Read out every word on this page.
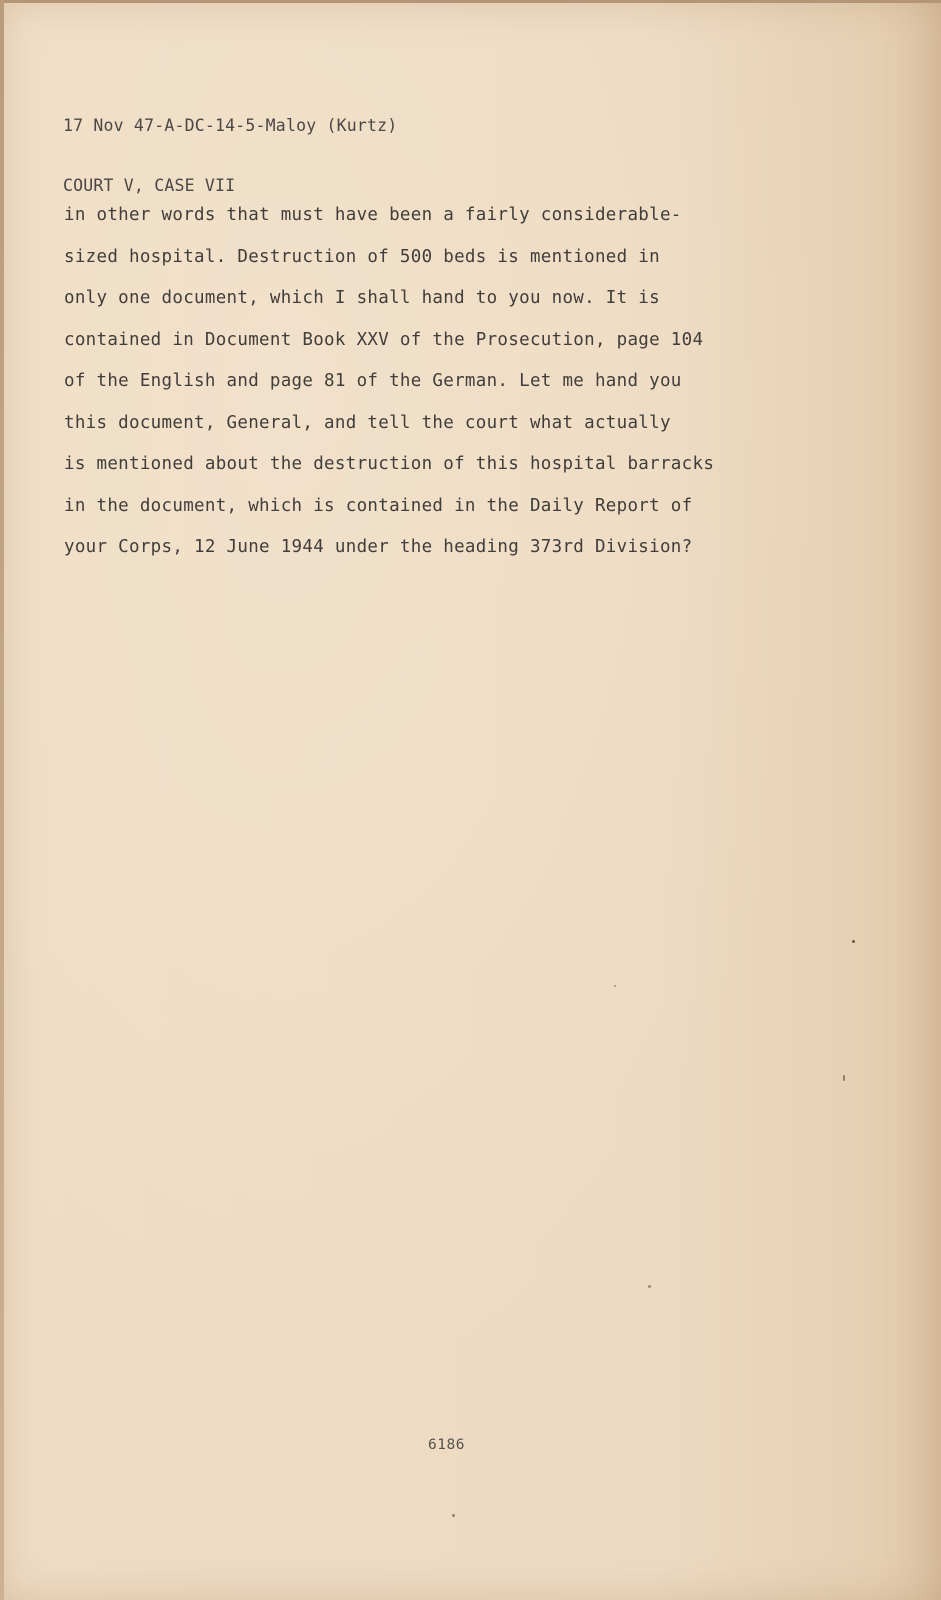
17 Nov 47-A-DC-14-5-Maloy (Kurtz)

COURT V, CASE VII

in other words that must have been a fairly considerable-
sized hospital. Destruction of 500 beds is mentioned in
only one document, which I shall hand to you now. It is
contained in Document Book XXV of the Prosecution, page 104
of the English and page 81 of the German. Let me hand you
this document, General, and tell the court what actually
is mentioned about the destruction of this hospital barracks
in the document, which is contained in the Daily Report of
your Corps, 12 June 1944 under the heading 373rd Division?
6186
